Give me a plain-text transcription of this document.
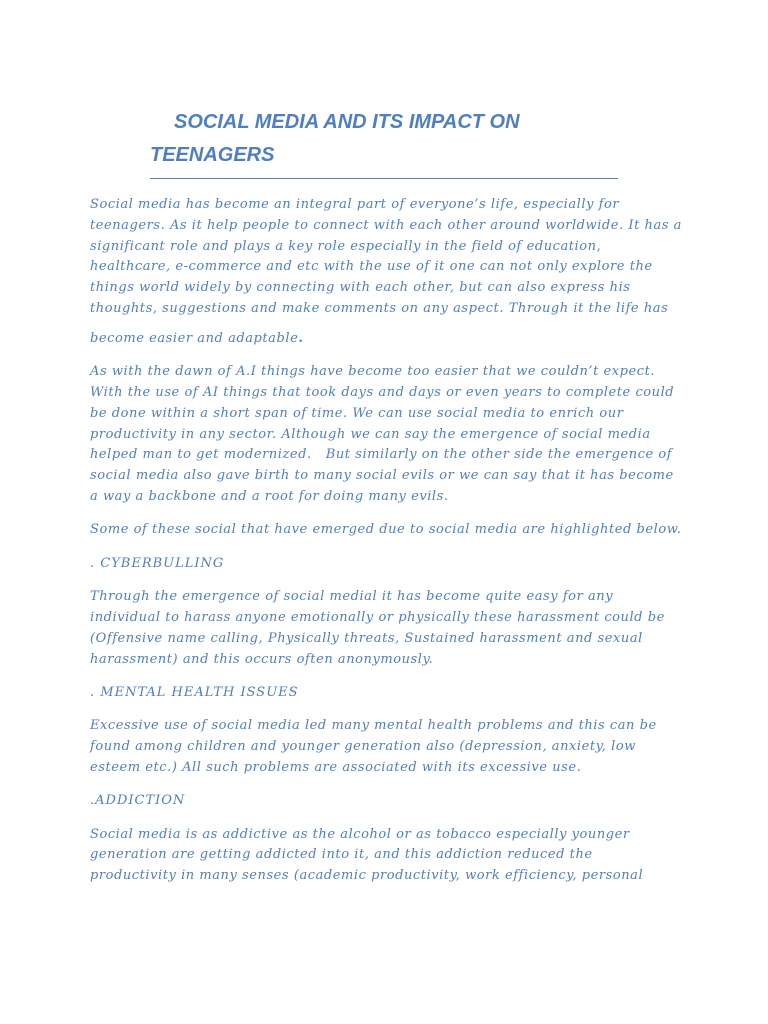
SOCIAL MEDIA AND ITS IMPACT ON

TEENAGERS

Social media has become an integral part of everyone’s life, especially for teenagers. As it help people to connect with each other around worldwide. It has a significant role and plays a key role especially in the field of education, healthcare, e-commerce and etc with the use of it one can not only explore the things world widely by connecting with each other, but can also express his thoughts, suggestions and make comments on any aspect. Through it the life has
become easier and adaptable.

As with the dawn of A.I things have become too easier that we couldn’t expect. With the use of AI things that took days and days or even years to complete could be done within a short span of time. We can use social media to enrich our productivity in any sector. Although we can say the emergence of social media helped man to get modernized.   But similarly on the other side the emergence of social media also gave birth to many social evils or we can say that it has become a way a backbone and a root for doing many evils.

Some of these social that have emerged due to social media are highlighted below.

. CYBERBULLING

Through the emergence of social medial it has become quite easy for any individual to harass anyone emotionally or physically these harassment could be (Offensive name calling, Physically threats, Sustained harassment and sexual harassment) and this occurs often anonymously.

. MENTAL HEALTH ISSUES

Excessive use of social media led many mental health problems and this can be found among children and younger generation also (depression, anxiety, low esteem etc.) All such problems are associated with its excessive use.

.ADDICTION

Social media is as addictive as the alcohol or as tobacco especially younger generation are getting addicted into it, and this addiction reduced the productivity in many senses (academic productivity, work efficiency, personal
